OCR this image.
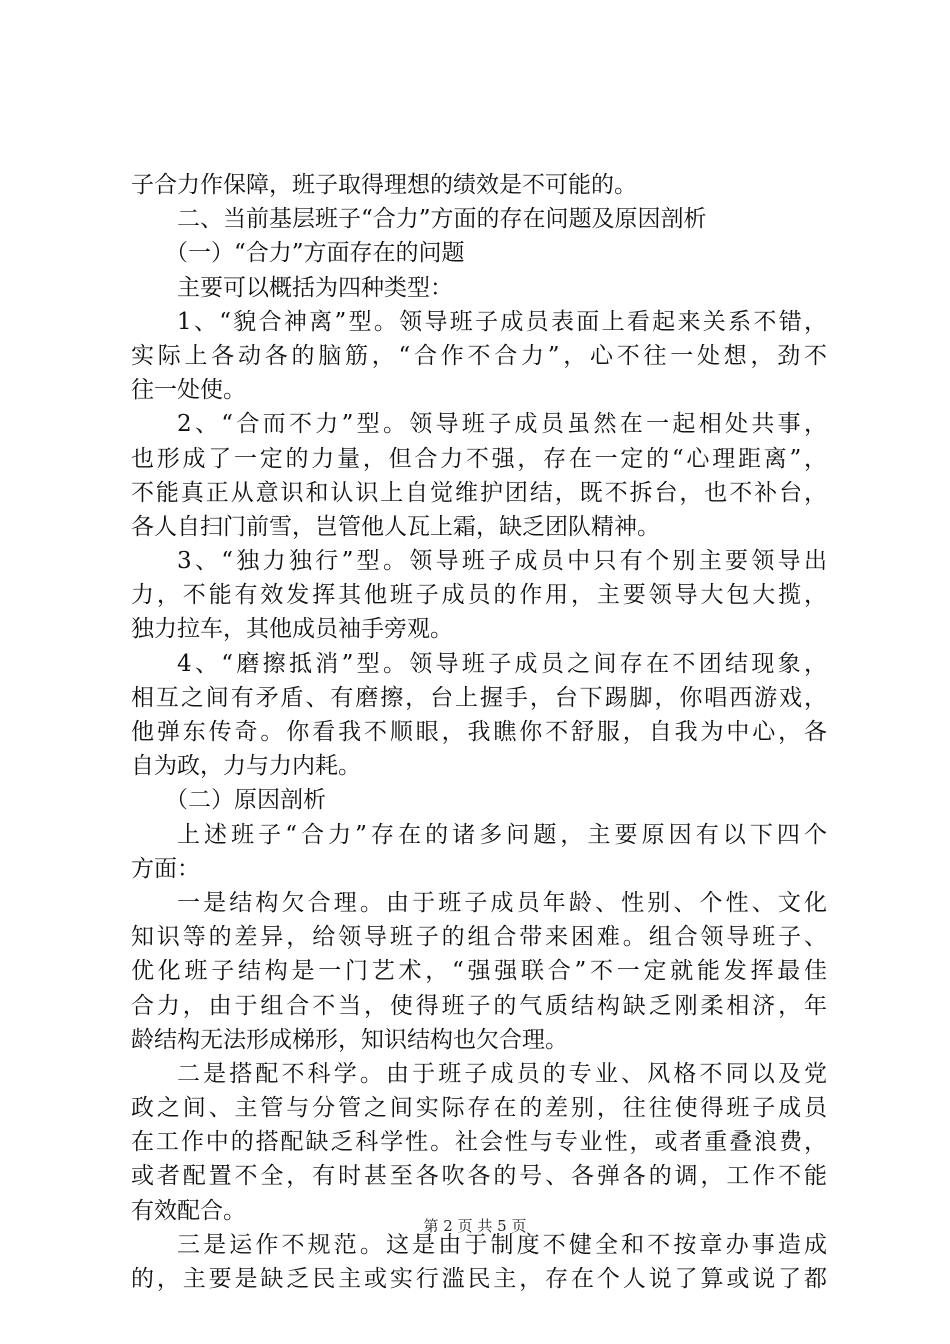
子合力作保障，班子取得理想的绩效是不可能的。
二、当前基层班子“合力”方面的存在问题及原因剖析
（一）“合力”方面存在的问题
主要可以概括为四种类型：
1、“貌合神离”型。领导班子成员表面上看起来关系不错，
实际上各动各的脑筋，“合作不合力”，心不往一处想，劲不
往一处使。
2、“合而不力”型。领导班子成员虽然在一起相处共事，
也形成了一定的力量，但合力不强，存在一定的“心理距离”，
不能真正从意识和认识上自觉维护团结，既不拆台，也不补台，
各人自扫门前雪，岂管他人瓦上霜，缺乏团队精神。
3、“独力独行”型。领导班子成员中只有个别主要领导出
力，不能有效发挥其他班子成员的作用，主要领导大包大揽，
独力拉车，其他成员袖手旁观。
4、“磨擦抵消”型。领导班子成员之间存在不团结现象，
相互之间有矛盾、有磨擦，台上握手，台下踢脚，你唱西游戏，
他弹东传奇。你看我不顺眼，我瞧你不舒服，自我为中心，各
自为政，力与力内耗。
（二）原因剖析
上述班子“合力”存在的诸多问题，主要原因有以下四个
方面：
一是结构欠合理。由于班子成员年龄、性别、个性、文化
知识等的差异，给领导班子的组合带来困难。组合领导班子、
优化班子结构是一门艺术，“强强联合”不一定就能发挥最佳
合力，由于组合不当，使得班子的气质结构缺乏刚柔相济，年
龄结构无法形成梯形，知识结构也欠合理。
二是搭配不科学。由于班子成员的专业、风格不同以及党
政之间、主管与分管之间实际存在的差别，往往使得班子成员
在工作中的搭配缺乏科学性。社会性与专业性，或者重叠浪费，
或者配置不全，有时甚至各吹各的号、各弹各的调，工作不能
有效配合。
三是运作不规范。这是由于制度不健全和不按章办事造成
的，主要是缺乏民主或实行滥民主，存在个人说了算或说了都
第 2 页 共 5 页
